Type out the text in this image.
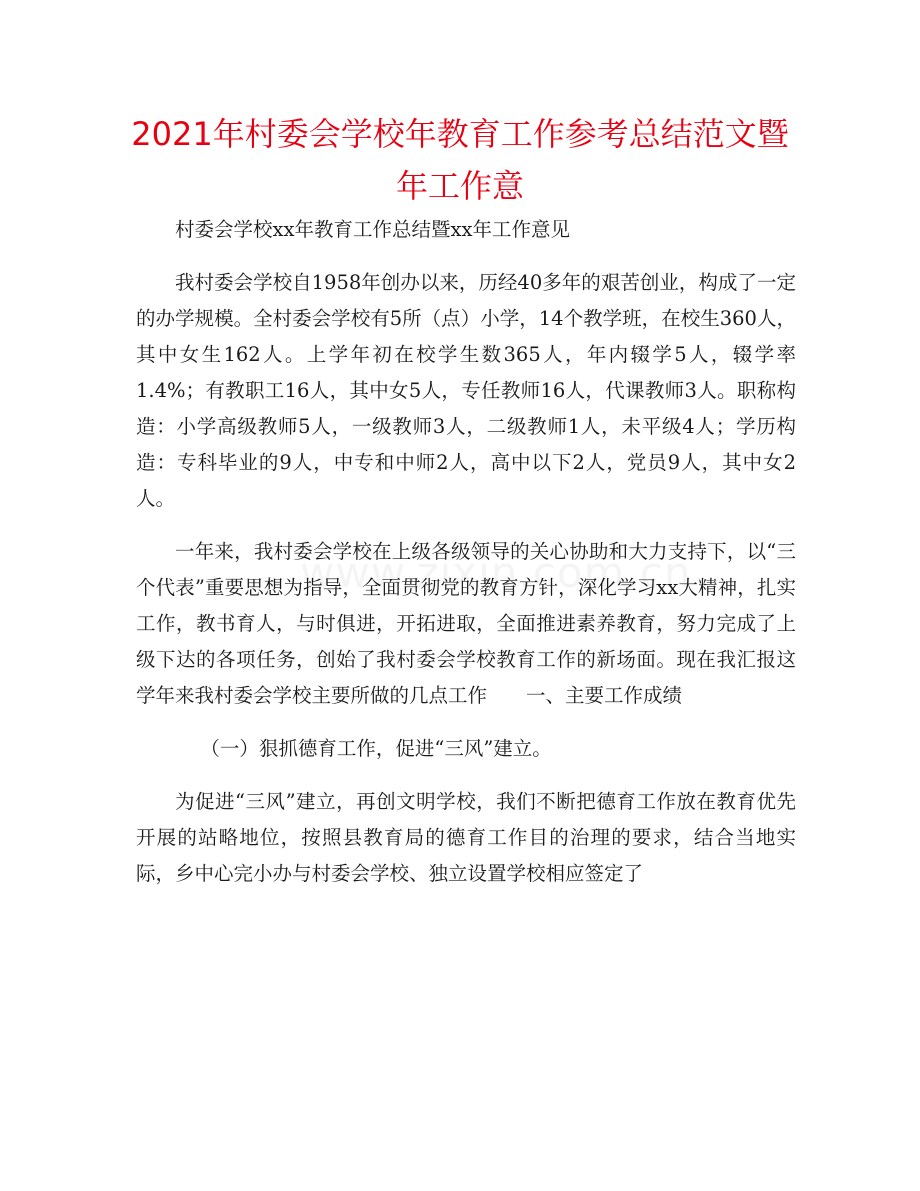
2021年村委会学校年教育工作参考总结范文暨年工作意

村委会学校xx年教育工作总结暨xx年工作意见

我村委会学校自1958年创办以来，历经40多年的艰苦创业，构成了一定的办学规模。全村委会学校有5所（点）小学，14个教学班，在校生360人，其中女生162人。上学年初在校学生数365人，年内辍学5人，辍学率1.4%；有教职工16人，其中女5人，专任教师16人，代课教师3人。职称构造：小学高级教师5人，一级教师3人，二级教师1人，未平级4人；学历构造：专科毕业的9人，中专和中师2人，高中以下2人，党员9人，其中女2人。

一年来，我村委会学校在上级各级领导的关心协助和大力支持下，以“三个代表”重要思想为指导，全面贯彻党的教育方针，深化学习xx大精神，扎实工作，教书育人，与时俱进，开拓进取，全面推进素养教育，努力完成了上级下达的各项任务，创始了我村委会学校教育工作的新场面。现在我汇报这学年来我村委会学校主要所做的几点工作　　一、主要工作成绩

（一）狠抓德育工作，促进“三风”建立。

为促进“三风”建立，再创文明学校，我们不断把德育工作放在教育优先开展的站略地位，按照县教育局的德育工作目的治理的要求，结合当地实际，乡中心完小办与村委会学校、独立设置学校相应签定了
